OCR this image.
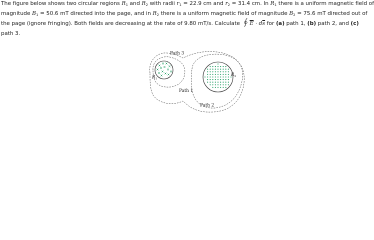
The figure below shows two circular regions $R_1$ and $R_2$ with radii $r_1 = 22.9$ cm and $r_2 = 31.4$ cm. In $R_1$ there is a uniform magnetic field of
magnitude $B_1 = 50.6$ mT directed into the page, and in $R_2$ there is a uniform magnetic field of magnitude $B_2 = 75.6$ mT directed out of
the page (ignore fringing). Both fields are decreasing at the rate of 9.80 mT/s. Calculate
$\overline{E} \cdot d\overline{s}$ for (a) path 1, (b) path 2, and (c)
path 3.
Path 3
Path 1
Path 2
R1
R2
